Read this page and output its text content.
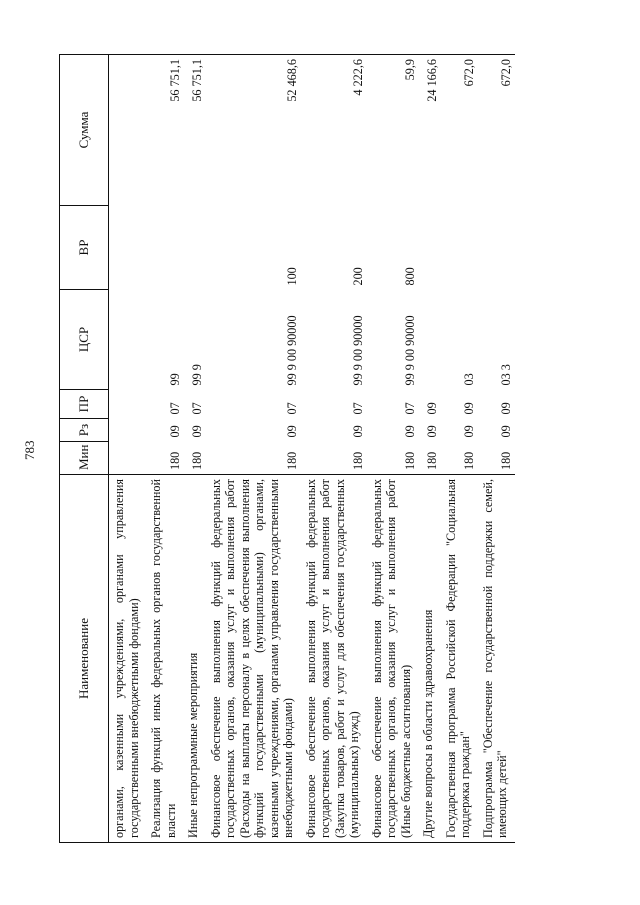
783
Наименование	Мин	Рз	ПР	ЦСР	ВР	Сумма
органами, казенными учреждениями, органами управления государственными внебюджетными фондами)						
Реализация функций иных федеральных органов государственной власти	180	09	07	99		56 751,1
Иные непрограммные мероприятия	180	09	07	99 9		56 751,1
Финансовое обеспечение выполнения функций федеральных государственных органов, оказания услуг и выполнения работ (Расходы на выплаты персоналу в целях обеспечения выполнения функций государственными (муниципальными) органами, казенными учреждениями, органами управления государственными внебюджетными фондами)	180	09	07	99 9 00 90000	100	52 468,6
Финансовое обеспечение выполнения функций федеральных государственных органов, оказания услуг и выполнения работ (Закупка товаров, работ и услуг для обеспечения государственных (муниципальных) нужд)	180	09	07	99 9 00 90000	200	4 222,6
Финансовое обеспечение выполнения функций федеральных государственных органов, оказания услуг и выполнения работ (Иные бюджетные ассигнования)	180	09	07	99 9 00 90000	800	59,9
Другие вопросы в области здравоохранения	180	09	09			24 166,6
Государственная программа Российской Федерации "Социальная поддержка граждан"	180	09	09	03		672,0
Подпрограмма "Обеспечение государственной поддержки семей, имеющих детей"	180	09	09	03 3		672,0
